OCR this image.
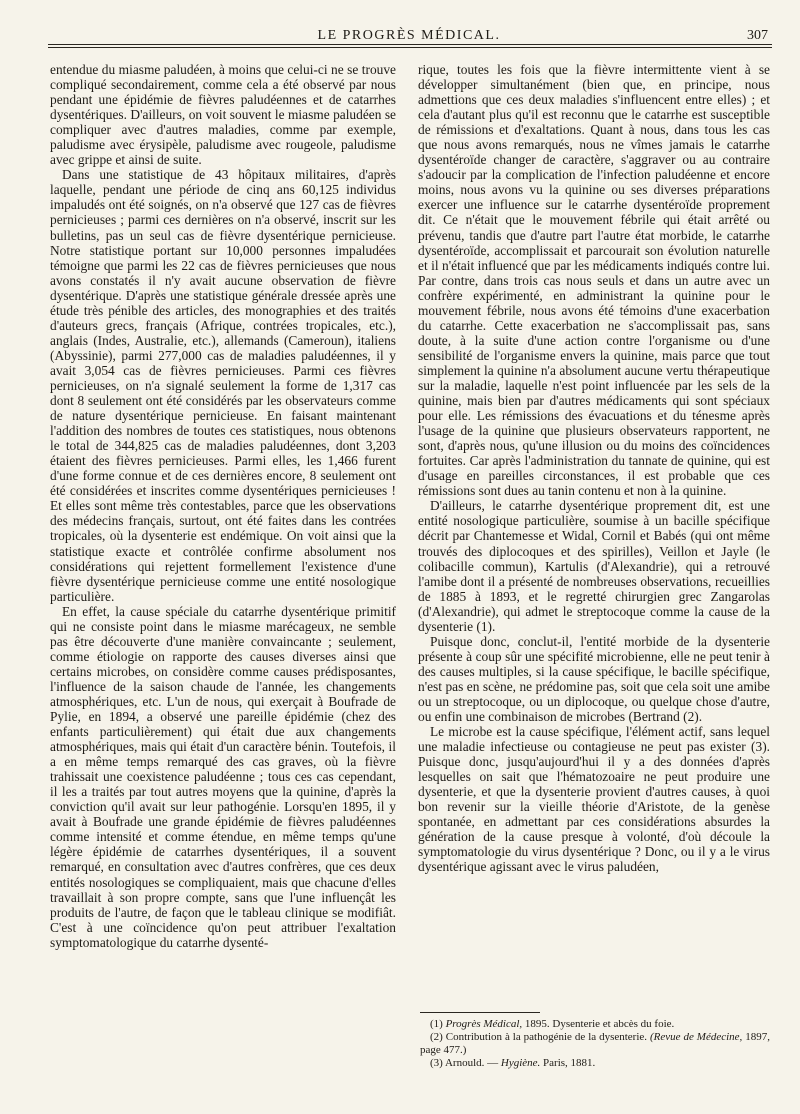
LE PROGRÈS MÉDICAL.	307

entendue du miasme paludéen, à moins que celui-ci ne se trouve compliqué secondairement, comme cela a été observé par nous pendant une épidémie de fièvres paludéennes et de catarrhes dysentériques. D'ailleurs, on voit souvent le miasme paludéen se compliquer avec d'autres maladies, comme par exemple, paludisme avec érysipèle, paludisme avec rougeole, paludisme avec grippe et ainsi de suite.

Dans une statistique de 43 hôpitaux militaires, d'après laquelle, pendant une période de cinq ans 60,125 individus impaludés ont été soignés, on n'a observé que 127 cas de fièvres pernicieuses ; parmi ces dernières on n'a observé, inscrit sur les bulletins, pas un seul cas de fièvre dysentérique pernicieuse. Notre statistique portant sur 10,000 personnes impaludées témoigne que parmi les 22 cas de fièvres pernicieuses que nous avons constatés il n'y avait aucune observation de fièvre dysentérique. D'après une statistique générale dressée après une étude très pénible des articles, des monographies et des traités d'auteurs grecs, français (Afrique, contrées tropicales, etc.), anglais (Indes, Australie, etc.), allemands (Cameroun), italiens (Abyssinie), parmi 277,000 cas de maladies paludéennes, il y avait 3,054 cas de fièvres pernicieuses. Parmi ces fièvres pernicieuses, on n'a signalé seulement la forme de 1,317 cas dont 8 seulement ont été considérés par les observateurs comme de nature dysentérique pernicieuse. En faisant maintenant l'addition des nombres de toutes ces statistiques, nous obtenons le total de 344,825 cas de maladies paludéennes, dont 3,203 étaient des fièvres pernicieuses. Parmi elles, les 1,466 furent d'une forme connue et de ces dernières encore, 8 seulement ont été considérées et inscrites comme dysentériques pernicieuses ! Et elles sont même très contestables, parce que les observations des médecins français, surtout, ont été faites dans les contrées tropicales, où la dysenterie est endémique. On voit ainsi que la statistique exacte et contrôlée confirme absolument nos considérations qui rejettent formellement l'existence d'une fièvre dysentérique pernicieuse comme une entité nosologique particulière.

En effet, la cause spéciale du catarrhe dysentérique primitif qui ne consiste point dans le miasme marécageux, ne semble pas être découverte d'une manière convaincante ; seulement, comme étiologie on rapporte des causes diverses ainsi que certains microbes, on considère comme causes prédisposantes, l'influence de la saison chaude de l'année, les changements atmosphériques, etc. L'un de nous, qui exerçait à Boufrade de Pylie, en 1894, a observé une pareille épidémie (chez des enfants particulièrement) qui était due aux changements atmosphériques, mais qui était d'un caractère bénin. Toutefois, il a en même temps remarqué des cas graves, où la fièvre trahissait une coexistence paludéenne ; tous ces cas cependant, il les a traités par tout autres moyens que la quinine, d'après la conviction qu'il avait sur leur pathogénie. Lorsqu'en 1895, il y avait à Boufrade une grande épidémie de fièvres paludéennes comme intensité et comme étendue, en même temps qu'une légère épidémie de catarrhes dysentériques, il a souvent remarqué, en consultation avec d'autres confrères, que ces deux entités nosologiques se compliquaient, mais que chacune d'elles travaillait à son propre compte, sans que l'une influençât les produits de l'autre, de façon que le tableau clinique se modifiât. C'est à une coïncidence qu'on peut attribuer l'exaltation symptomatologique du catarrhe dysenté-

rique, toutes les fois que la fièvre intermittente vient à se développer simultanément (bien que, en principe, nous admettions que ces deux maladies s'influencent entre elles) ; et cela d'autant plus qu'il est reconnu que le catarrhe est susceptible de rémissions et d'exaltations. Quant à nous, dans tous les cas que nous avons remarqués, nous ne vîmes jamais le catarrhe dysentéroïde changer de caractère, s'aggraver ou au contraire s'adoucir par la complication de l'infection paludéenne et encore moins, nous avons vu la quinine ou ses diverses préparations exercer une influence sur le catarrhe dysentéroïde proprement dit. Ce n'était que le mouvement fébrile qui était arrêté ou prévenu, tandis que d'autre part l'autre état morbide, le catarrhe dysentéroïde, accomplissait et parcourait son évolution naturelle et il n'était influencé que par les médicaments indiqués contre lui. Par contre, dans trois cas nous seuls et dans un autre avec un confrère expérimenté, en administrant la quinine pour le mouvement fébrile, nous avons été témoins d'une exacerbation du catarrhe. Cette exacerbation ne s'accomplissait pas, sans doute, à la suite d'une action contre l'organisme ou d'une sensibilité de l'organisme envers la quinine, mais parce que tout simplement la quinine n'a absolument aucune vertu thérapeutique sur la maladie, laquelle n'est point influencée par les sels de la quinine, mais bien par d'autres médicaments qui sont spéciaux pour elle. Les rémissions des évacuations et du ténesme après l'usage de la quinine que plusieurs observateurs rapportent, ne sont, d'après nous, qu'une illusion ou du moins des coïncidences fortuites. Car après l'administration du tannate de quinine, qui est d'usage en pareilles circonstances, il est probable que ces rémissions sont dues au tanin contenu et non à la quinine.

D'ailleurs, le catarrhe dysentérique proprement dit, est une entité nosologique particulière, soumise à un bacille spécifique décrit par Chantemesse et Widal, Cornil et Babés (qui ont même trouvés des diplocoques et des spirilles), Veillon et Jayle (le colibacille commun), Kartulis (d'Alexandrie), qui a retrouvé l'amibe dont il a présenté de nombreuses observations, recueillies de 1885 à 1893, et le regretté chirurgien grec Zangarolas (d'Alexandrie), qui admet le streptocoque comme la cause de la dysenterie (1).

Puisque donc, conclut-il, l'entité morbide de la dysenterie présente à coup sûr une spécifité microbienne, elle ne peut tenir à des causes multiples, si la cause spécifique, le bacille spécifique, n'est pas en scène, ne prédomine pas, soit que cela soit une amibe ou un streptocoque, ou un diplocoque, ou quelque chose d'autre, ou enfin une combinaison de microbes (Bertrand (2).

Le microbe est la cause spécifique, l'élément actif, sans lequel une maladie infectieuse ou contagieuse ne peut pas exister (3). Puisque donc, jusqu'aujourd'hui il y a des données d'après lesquelles on sait que l'hématozoaire ne peut produire une dysenterie, et que la dysenterie provient d'autres causes, à quoi bon revenir sur la vieille théorie d'Aristote, de la genèse spontanée, en admettant par ces considérations absurdes la génération de la cause presque à volonté, d'où découle la symptomatologie du virus dysentérique ? Donc, ou il y a le virus dysentérique agissant avec le virus paludéen,

(1) Progrès Médical, 1895. Dysenterie et abcès du foie.

(2) Contribution à la pathogénie de la dysenterie. (Revue de Médecine, 1897, page 477.)

(3) Arnould. — Hygiène. Paris, 1881.
